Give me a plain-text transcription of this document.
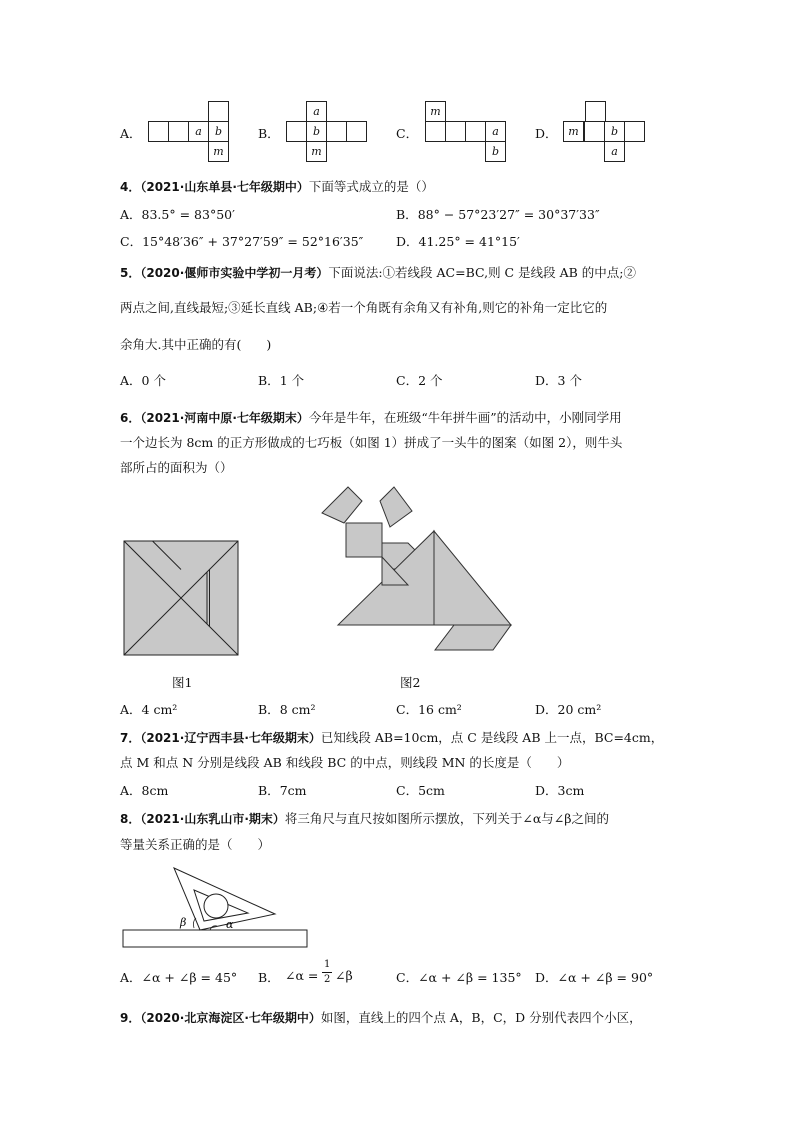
A．	a	b
m
B．
a
b
m
C．
m
a
b
D． m	b
a
4．（2021·山东单县·七年级期中）下面等式成立的是（）
A．83.5° = 83°50′	B．88° − 57°23′27″ = 30°37′33″
C．15°48′36″ + 37°27′59″ = 52°16′35″	D．41.25° = 41°15′
5．（2020·偃师市实验中学初一月考）下面说法:①若线段 AC=BC,则 C 是线段 AB 的中点;②
两点之间,直线最短;③延长直线 AB;④若一个角既有余角又有补角,则它的补角一定比它的
余角大.其中正确的有(　　)
A．0 个	B．1 个	C．2 个	D．3 个
6．（2021·河南中原·七年级期末）今年是牛年，在班级“牛年拼牛画”的活动中，小刚同学用
一个边长为 8cm 的正方形做成的七巧板（如图 1）拼成了一头牛的图案（如图 2），则牛头
部所占的面积为（）
图1	图2
A．4 cm²	B．8 cm²	C．16 cm²	D．20 cm²
7．（2021·辽宁西丰县·七年级期末）已知线段 AB=10cm，点 C 是线段 AB 上一点，BC=4cm，
点 M 和点 N 分别是线段 AB 和线段 BC 的中点，则线段 MN 的长度是（　　）
A．8cm	B．7cm	C．5cm	D．3cm
8．（2021·山东乳山市·期末）将三角尺与直尺按如图所示摆放，下列关于∠α与∠β之间的
等量关系正确的是（　　）
β	α
A．∠α + ∠β = 45° B． ∠α =
1
2 ∠β	C．∠α + ∠β = 135° D．∠α + ∠β = 90°
9．（2020·北京海淀区·七年级期中）如图，直线上的四个点 A，B，C，D 分别代表四个小区，
